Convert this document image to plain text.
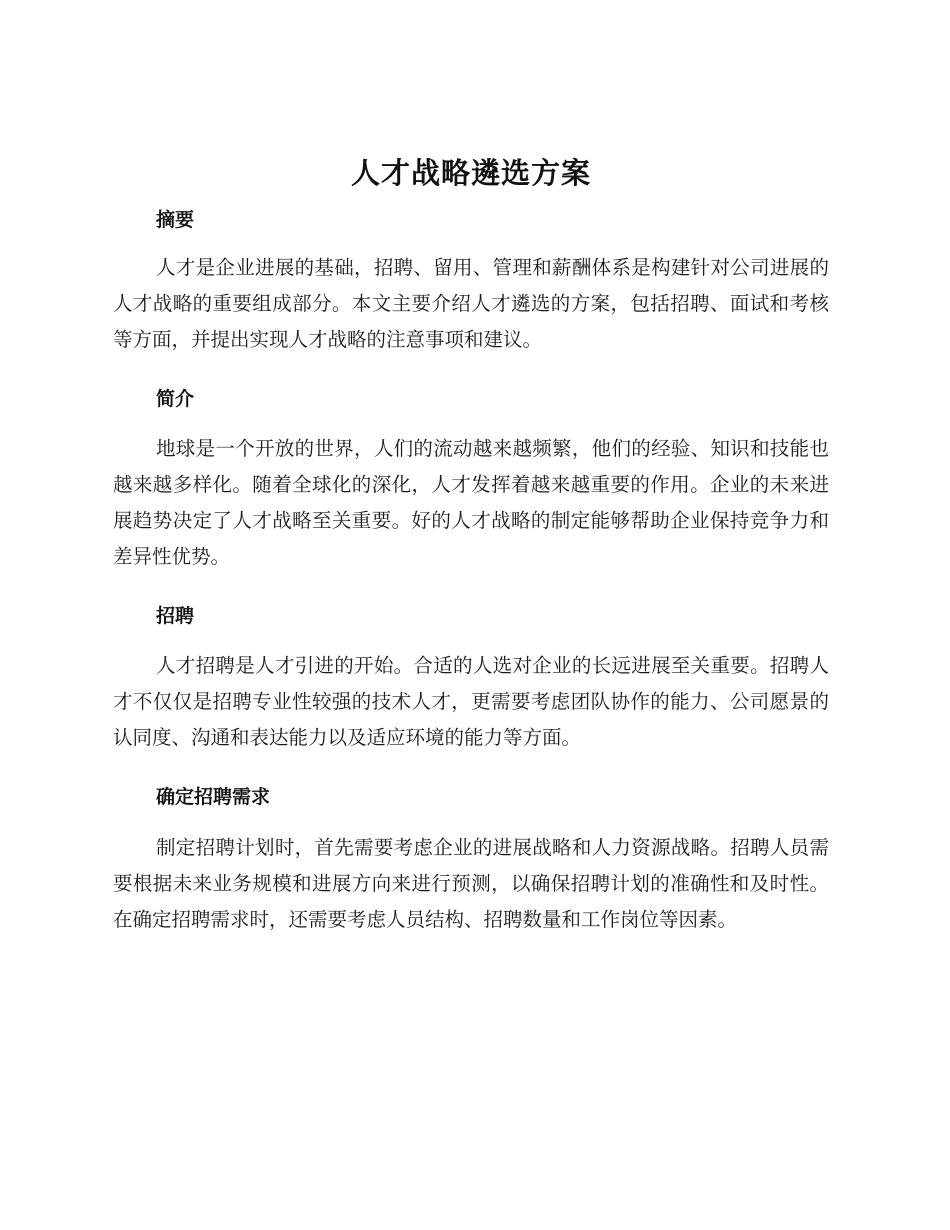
人才战略遴选方案
摘要

人才是企业进展的基础，招聘、留用、管理和薪酬体系是构建针对公司进展的人才战略的重要组成部分。本文主要介绍人才遴选的方案，包括招聘、面试和考核等方面，并提出实现人才战略的注意事项和建议。

简介

地球是一个开放的世界，人们的流动越来越频繁，他们的经验、知识和技能也越来越多样化。随着全球化的深化，人才发挥着越来越重要的作用。企业的未来进展趋势决定了人才战略至关重要。好的人才战略的制定能够帮助企业保持竞争力和差异性优势。

招聘

人才招聘是人才引进的开始。合适的人选对企业的长远进展至关重要。招聘人才不仅仅是招聘专业性较强的技术人才，更需要考虑团队协作的能力、公司愿景的认同度、沟通和表达能力以及适应环境的能力等方面。

确定招聘需求

制定招聘计划时，首先需要考虑企业的进展战略和人力资源战略。招聘人员需要根据未来业务规模和进展方向来进行预测，以确保招聘计划的准确性和及时性。在确定招聘需求时，还需要考虑人员结构、招聘数量和工作岗位等因素。
